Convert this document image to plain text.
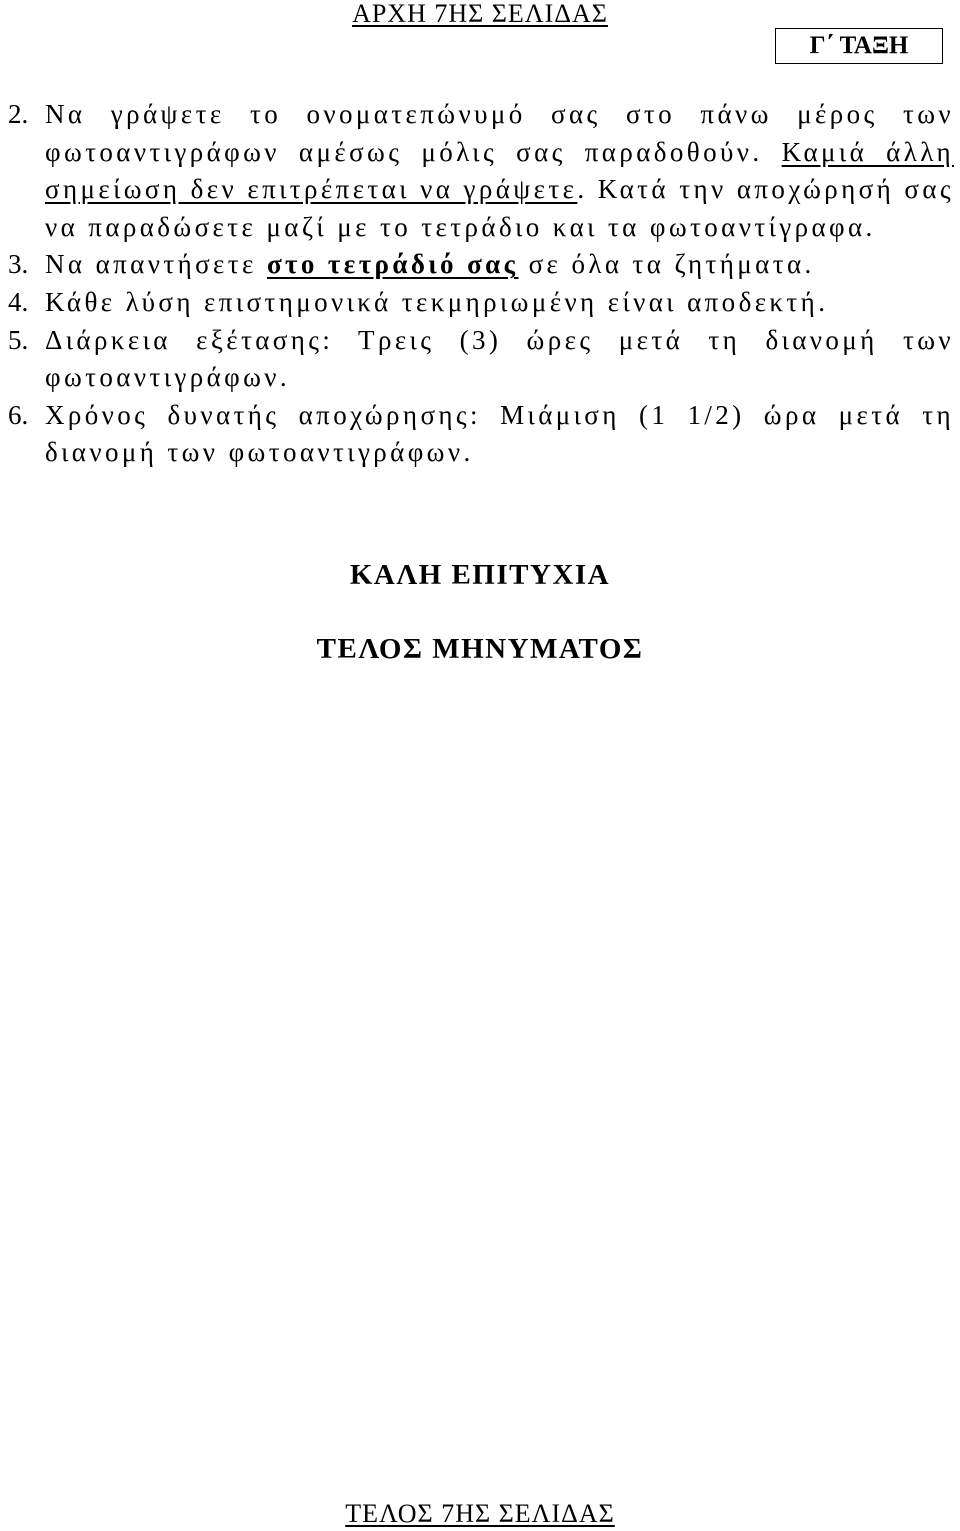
ΑΡΧΗ 7ΗΣ ΣΕΛΙΔΑΣ
Γ΄ ΤΑΞΗ
2. Να γράψετε το ονοματεπώνυμό σας στο πάνω μέρος των φωτοαντιγράφων αμέσως μόλις σας παραδοθούν. Καμιά άλλη σημείωση δεν επιτρέπεται να γράψετε. Κατά την αποχώρησή σας να παραδώσετε μαζί με το τετράδιο και τα φωτοαντίγραφα.
3. Να απαντήσετε στο τετράδιό σας σε όλα τα ζητήματα.
4. Κάθε λύση επιστημονικά τεκμηριωμένη είναι αποδεκτή.
5. Διάρκεια εξέτασης: Τρεις (3) ώρες μετά τη διανομή των φωτοαντιγράφων.
6. Χρόνος δυνατής αποχώρησης: Μιάμιση (1 1/2) ώρα μετά τη διανομή των φωτοαντιγράφων.
ΚΑΛΗ ΕΠΙΤΥΧΙΑ
ΤΕΛΟΣ ΜΗΝΥΜΑΤΟΣ
ΤΕΛΟΣ 7ΗΣ ΣΕΛΙΔΑΣ
